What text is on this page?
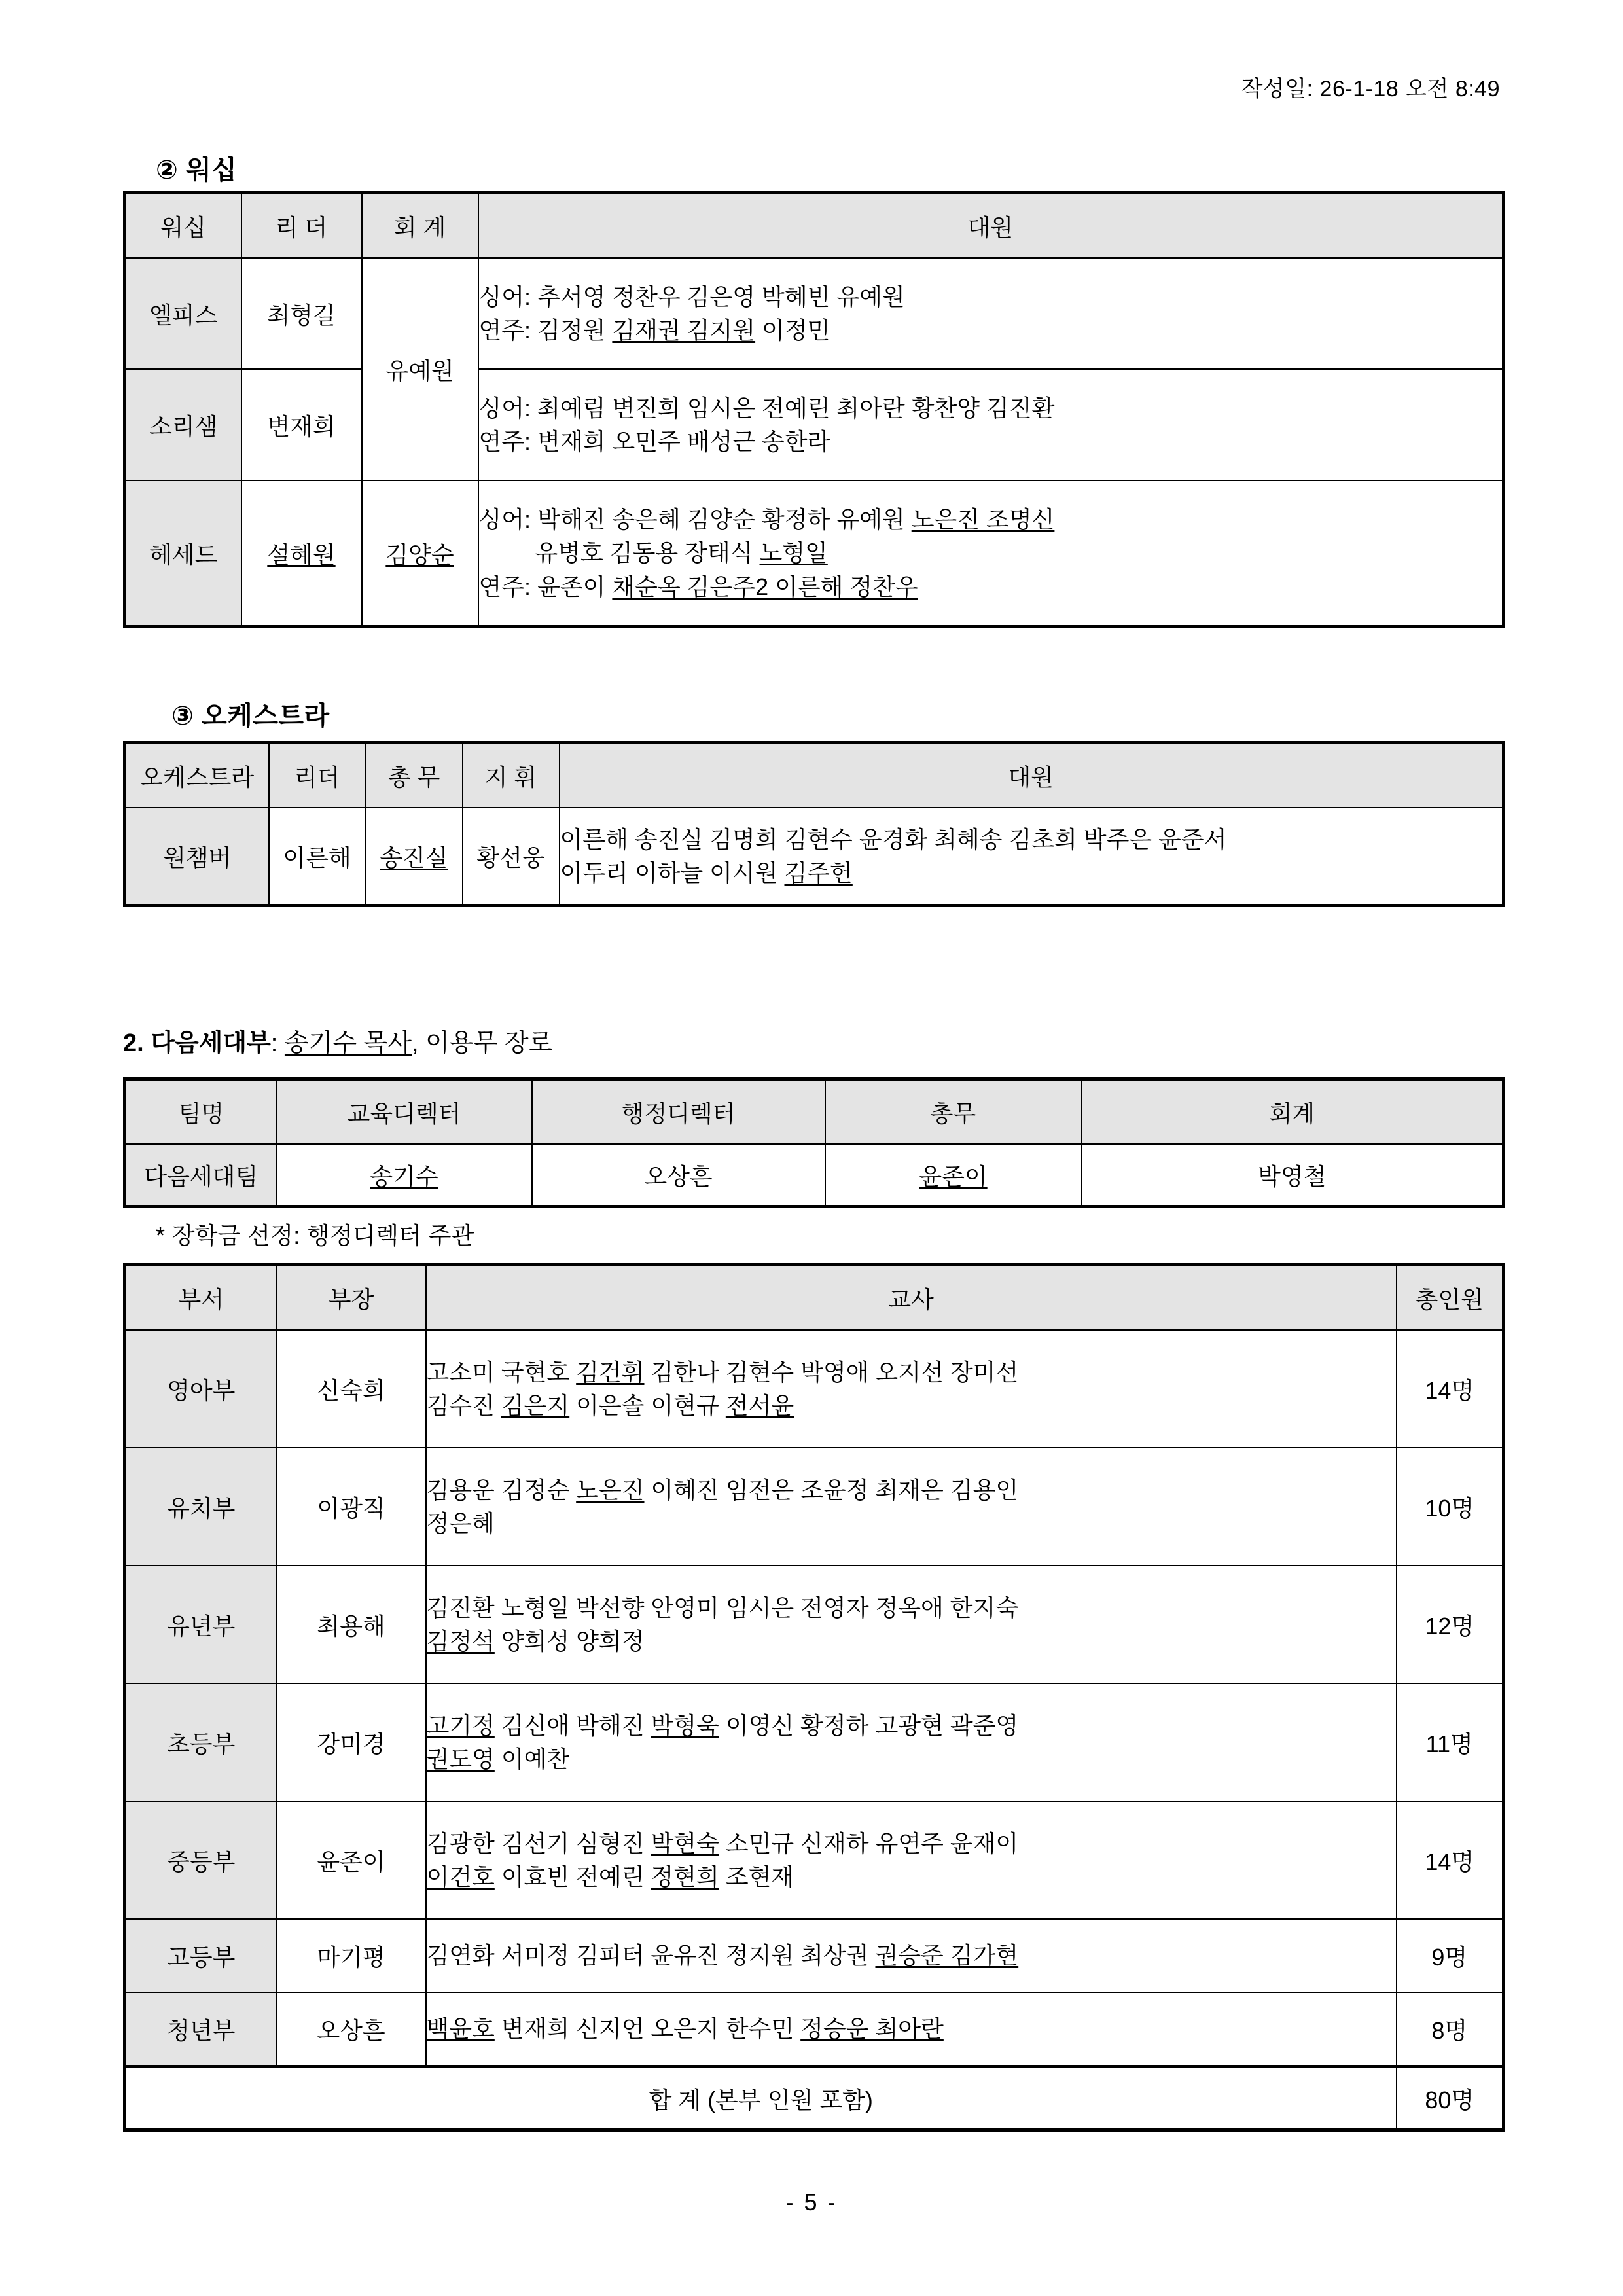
작성일: 26-1-18 오전 8:49
② 워십
워십	리 더	회 계	대원
엘피스	최형길	유예원	싱어: 추서영 정찬우 김은영 박혜빈 유예원
연주: 김정원 김재권 김지원 이정민

소리샘	변재희		싱어: 최예림 변진희 임시은 전예린 최아란 황찬양 김진환
연주: 변재희 오민주 배성근 송한라

헤세드	설혜원	김양순	싱어: 박해진 송은혜 김양순 황정하 유예원 노은진 조명신
유병호 김동용 장태식 노형일
연주: 윤존이 채순옥 김은주2 이른해 정찬우
③ 오케스트라
오케스트라	리더	총 무	지 휘	대원
원챔버	이른해	송진실	황선웅	이른해 송진실 김명희 김현수 윤경화 최혜송 김초희 박주은 윤준서
이두리 이하늘 이시원 김주헌
2. 다음세대부: 송기수 목사, 이용무 장로
팀명	교육디렉터	행정디렉터	총무	회계
다음세대팀	송기수	오상흔	윤존이	박영철
* 장학금 선정: 행정디렉터 주관
부서	부장	교사	총인원
영아부	신숙희	고소미 국현호 김건휘 김한나 김현수 박영애 오지선 장미선
김수진 김은지 이은솔 이현규 전서윤	14명
유치부	이광직	김용운 김정순 노은진 이혜진 임전은 조윤정 최재은 김용인
정은혜	10명
유년부	최용해	김진환 노형일 박선향 안영미 임시은 전영자 정옥애 한지숙
김정석 양희성 양희정	12명
초등부	강미경	고기정 김신애 박해진 박형욱 이영신 황정하 고광현 곽준영
권도영 이예찬	11명
중등부	윤존이	김광한 김선기 심형진 박현숙 소민규 신재하 유연주 윤재이
이건호 이효빈 전예린 정현희 조현재	14명
고등부	마기평	김연화 서미정 김피터 윤유진 정지원 최상권 권승준 김가현	9명
청년부	오상흔	백윤호 변재희 신지언 오은지 한수민 정승운 최아란	8명
합 계 (본부 인원 포함)			80명
- 5 -
